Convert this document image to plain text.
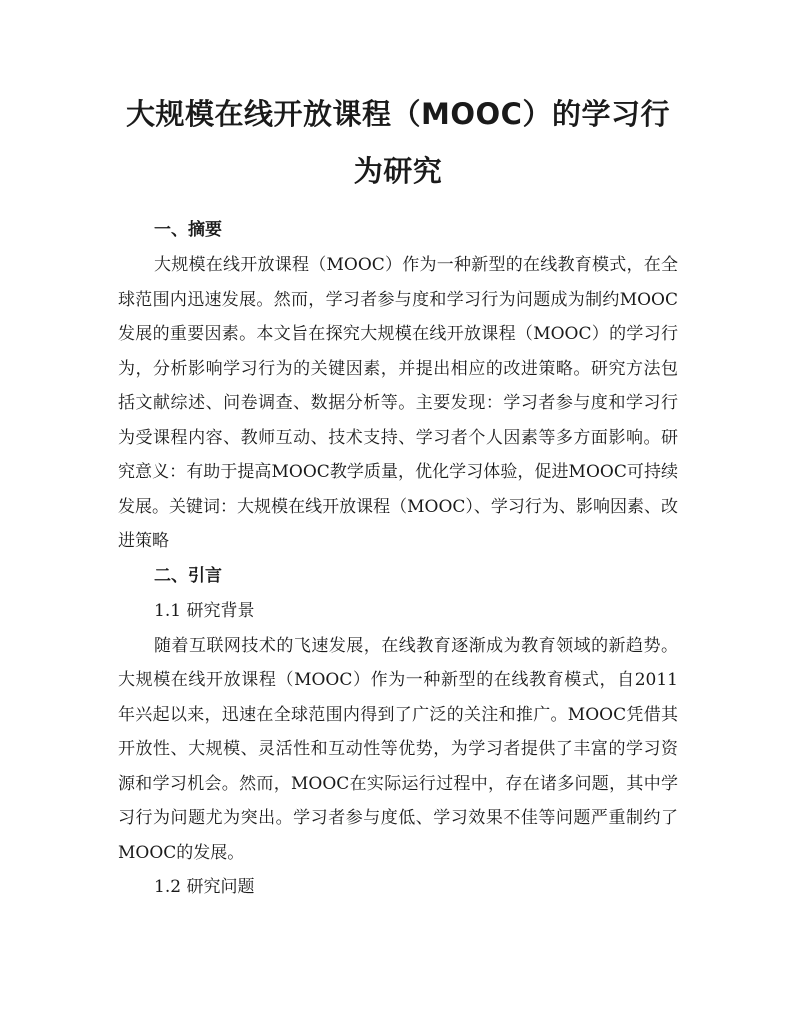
大规模在线开放课程（MOOC）的学习行为研究
一、摘要

大规模在线开放课程（MOOC）作为一种新型的在线教育模式，在全球范围内迅速发展。然而，学习者参与度和学习行为问题成为制约MOOC发展的重要因素。本文旨在探究大规模在线开放课程（MOOC）的学习行为，分析影响学习行为的关键因素，并提出相应的改进策略。研究方法包括文献综述、问卷调查、数据分析等。主要发现：学习者参与度和学习行为受课程内容、教师互动、技术支持、学习者个人因素等多方面影响。研究意义：有助于提高MOOC教学质量，优化学习体验，促进MOOC可持续发展。关键词：大规模在线开放课程（MOOC）、学习行为、影响因素、改进策略

二、引言
1.1 研究背景

随着互联网技术的飞速发展，在线教育逐渐成为教育领域的新趋势。大规模在线开放课程（MOOC）作为一种新型的在线教育模式，自2011年兴起以来，迅速在全球范围内得到了广泛的关注和推广。MOOC凭借其开放性、大规模、灵活性和互动性等优势，为学习者提供了丰富的学习资源和学习机会。然而，MOOC在实际运行过程中，存在诸多问题，其中学习行为问题尤为突出。学习者参与度低、学习效果不佳等问题严重制约了MOOC的发展。

1.2 研究问题
